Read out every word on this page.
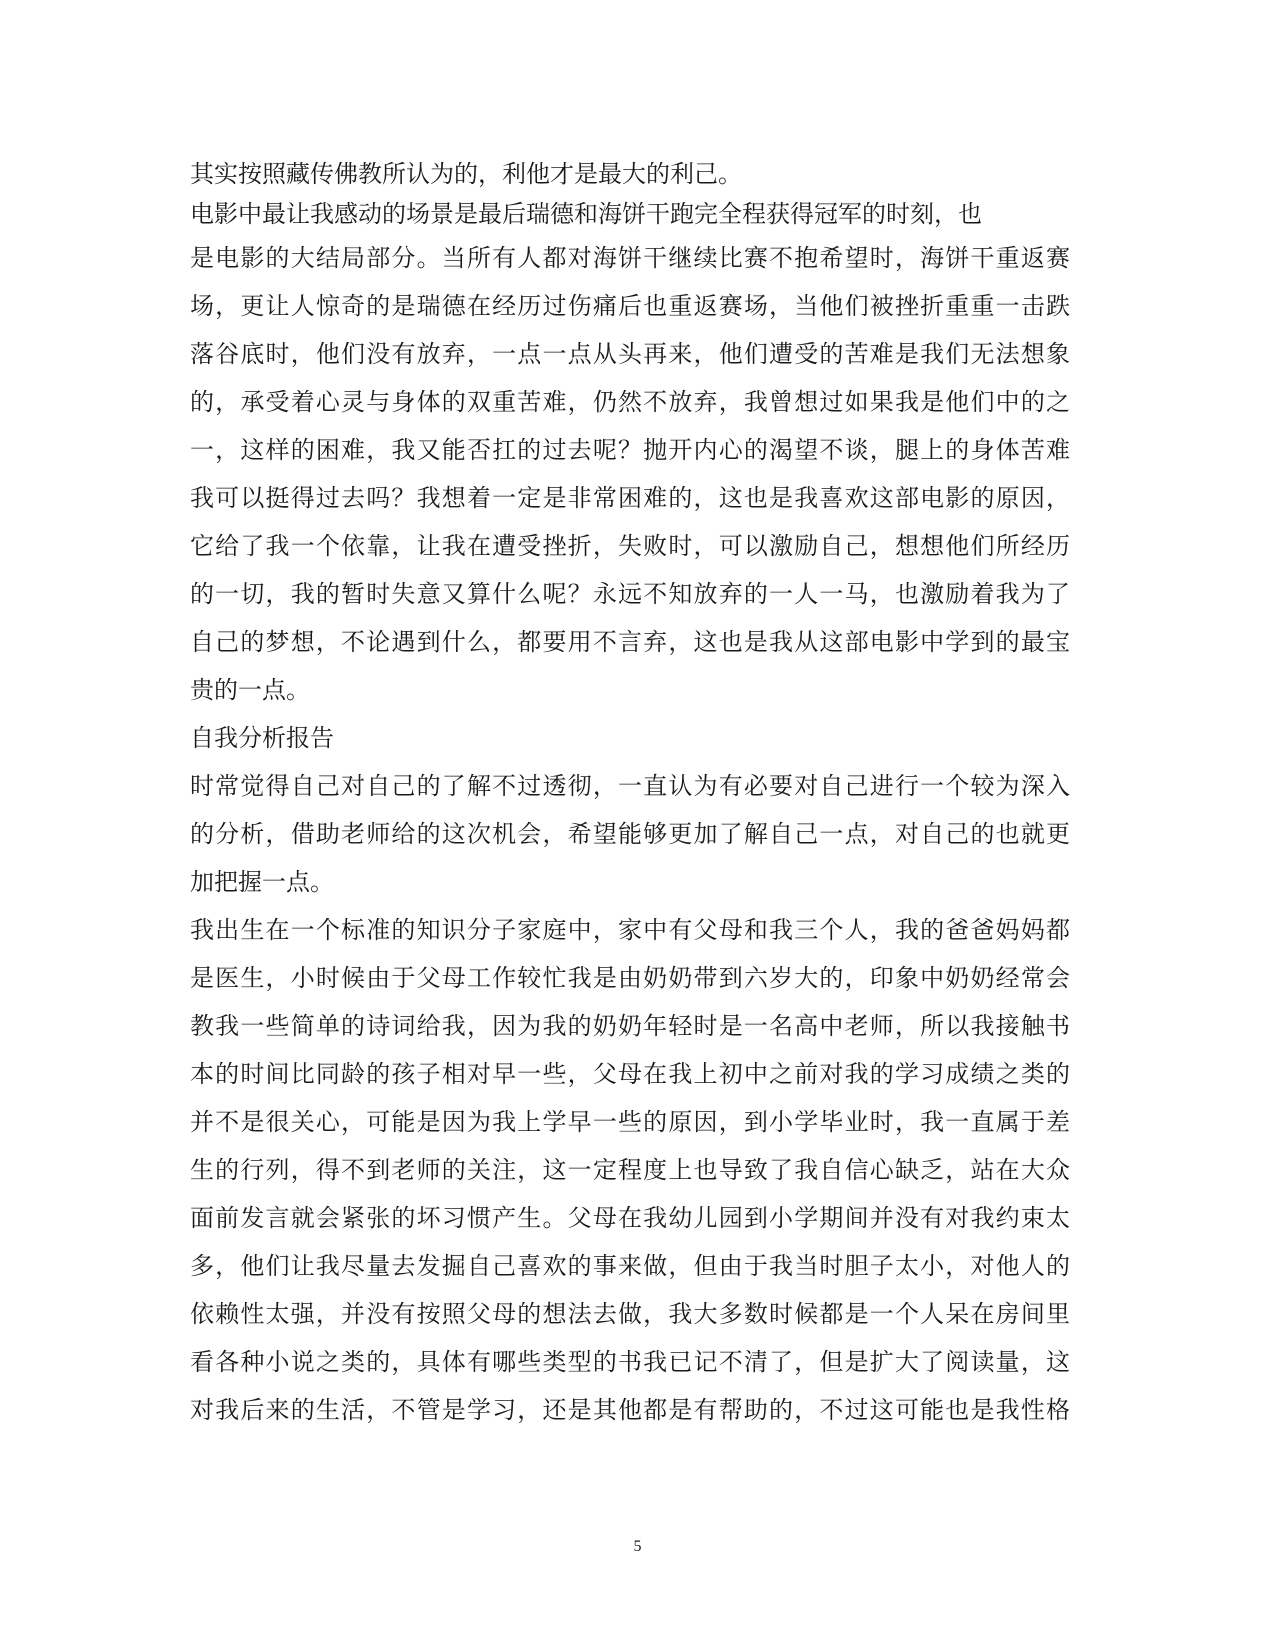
其实按照藏传佛教所认为的，利他才是最大的利己。
电影中最让我感动的场景是最后瑞德和海饼干跑完全程获得冠军的时刻，也
是电影的大结局部分。当所有人都对海饼干继续比赛不抱希望时，海饼干重返赛
场，更让人惊奇的是瑞德在经历过伤痛后也重返赛场，当他们被挫折重重一击跌
落谷底时，他们没有放弃，一点一点从头再来，他们遭受的苦难是我们无法想象
的，承受着心灵与身体的双重苦难，仍然不放弃，我曾想过如果我是他们中的之
一，这样的困难，我又能否扛的过去呢？抛开内心的渴望不谈，腿上的身体苦难
我可以挺得过去吗？我想着一定是非常困难的，这也是我喜欢这部电影的原因，
它给了我一个依靠，让我在遭受挫折，失败时，可以激励自己，想想他们所经历
的一切，我的暂时失意又算什么呢？永远不知放弃的一人一马，也激励着我为了
自己的梦想，不论遇到什么，都要用不言弃，这也是我从这部电影中学到的最宝
贵的一点。
自我分析报告
时常觉得自己对自己的了解不过透彻，一直认为有必要对自己进行一个较为深入
的分析，借助老师给的这次机会，希望能够更加了解自己一点，对自己的也就更
加把握一点。
我出生在一个标准的知识分子家庭中，家中有父母和我三个人，我的爸爸妈妈都
是医生，小时候由于父母工作较忙我是由奶奶带到六岁大的，印象中奶奶经常会
教我一些简单的诗词给我，因为我的奶奶年轻时是一名高中老师，所以我接触书
本的时间比同龄的孩子相对早一些，父母在我上初中之前对我的学习成绩之类的
并不是很关心，可能是因为我上学早一些的原因，到小学毕业时，我一直属于差
生的行列，得不到老师的关注，这一定程度上也导致了我自信心缺乏，站在大众
面前发言就会紧张的坏习惯产生。父母在我幼儿园到小学期间并没有对我约束太
多，他们让我尽量去发掘自己喜欢的事来做，但由于我当时胆子太小，对他人的
依赖性太强，并没有按照父母的想法去做，我大多数时候都是一个人呆在房间里
看各种小说之类的，具体有哪些类型的书我已记不清了，但是扩大了阅读量，这
对我后来的生活，不管是学习，还是其他都是有帮助的，不过这可能也是我性格
5
